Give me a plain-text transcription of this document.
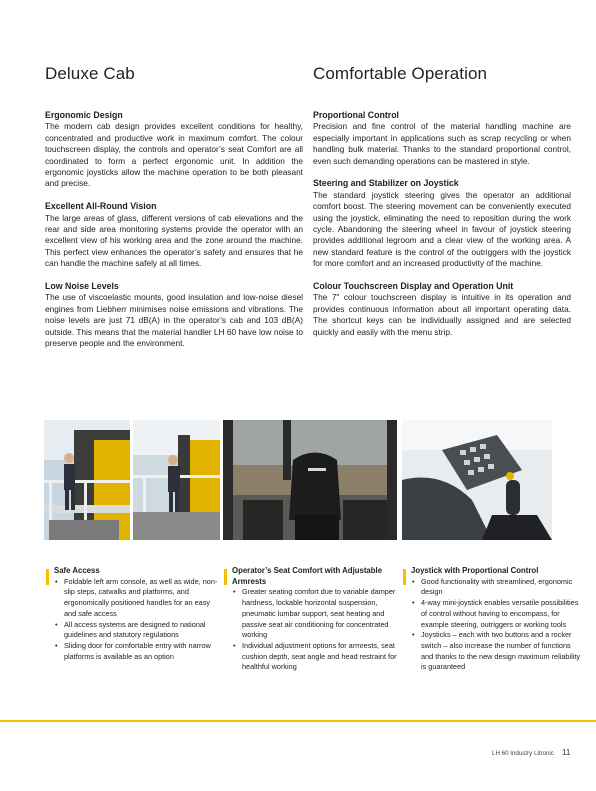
Deluxe Cab	Comfortable Operation
Ergonomic Design

The modern cab design provides excellent conditions for healthy, concentrated and productive work in maximum comfort. The colour touchscreen display, the controls and operator’s seat Comfort are all coordinated to form a perfect ergonomic unit. In addition the ergonomic joysticks allow the machine operation to be both pleasant and precise.

Excellent All-Round Vision

The large areas of glass, different versions of cab elevations and the rear and side area monitoring systems provide the operator with an excellent view of his working area and the zone around the machine. This perfect view enhances the operator’s safety and ensures that he can handle the machine safely at all times.

Low Noise Levels

The use of viscoelastic mounts, good insulation and low-noise diesel engines from Liebherr minimises noise emissions and vibrations. The noise levels are just 71 dB(A) in the operator’s cab and 103 dB(A) outside. This means that the material handler LH 60 have low noise to preserve people and the environment.

Proportional Control

Precision and fine control of the material handling machine are especially important in applications such as scrap recycling or when handling bulk material. Thanks to the standard proportional control, even such demanding operations can be mastered in style.

Steering and Stabilizer on Joystick

The standard joystick steering gives the operator an additional comfort boost. The steering movement can be conveniently executed using the joystick, eliminating the need to reposition during the work cycle. Abandoning the steering wheel in favour of joystick steering provides additional legroom and a clear view of the working area. A new standard feature is the control of the outriggers with the joystick for more comfort and an increased productivity of the machine.

Colour Touchscreen Display and Operation Unit

The 7" colour touchscreen display is intuitive in its operation and provides continuous information about all important operating data. The shortcut keys can be individually assigned and are selected quickly and easily with the menu strip.

Safe Access
• Foldable left arm console, as well as wide, non-slip steps, catwalks and platforms, and ergonomically positioned handles for an easy and safe access
• All access systems are designed to national guidelines and statutory regulations
• Sliding door for comfortable entry with narrow platforms is available as an option
Operator’s Seat Comfort with Adjustable Armrests
• Greater seating comfort due to variable damper hardness, lockable horizontal suspension, pneumatic lumbar support, seat heating and passive seat air conditioning for concentrated working
• Individual adjustment options for armrests, seat cushion depth, seat angle and head restraint for healthful working
Joystick with Proportional Control
• Good functionality with streamlined, ergonomic design
• 4-way mini-joystick enables versatile possibilities of control without having to encompass, for example steering, outriggers or working tools
• Joysticks – each with two buttons and a rocker switch – also increase the number of functions and thanks to the new design maximum reliability is guaranteed
LH 60 Industry Litronic 11
